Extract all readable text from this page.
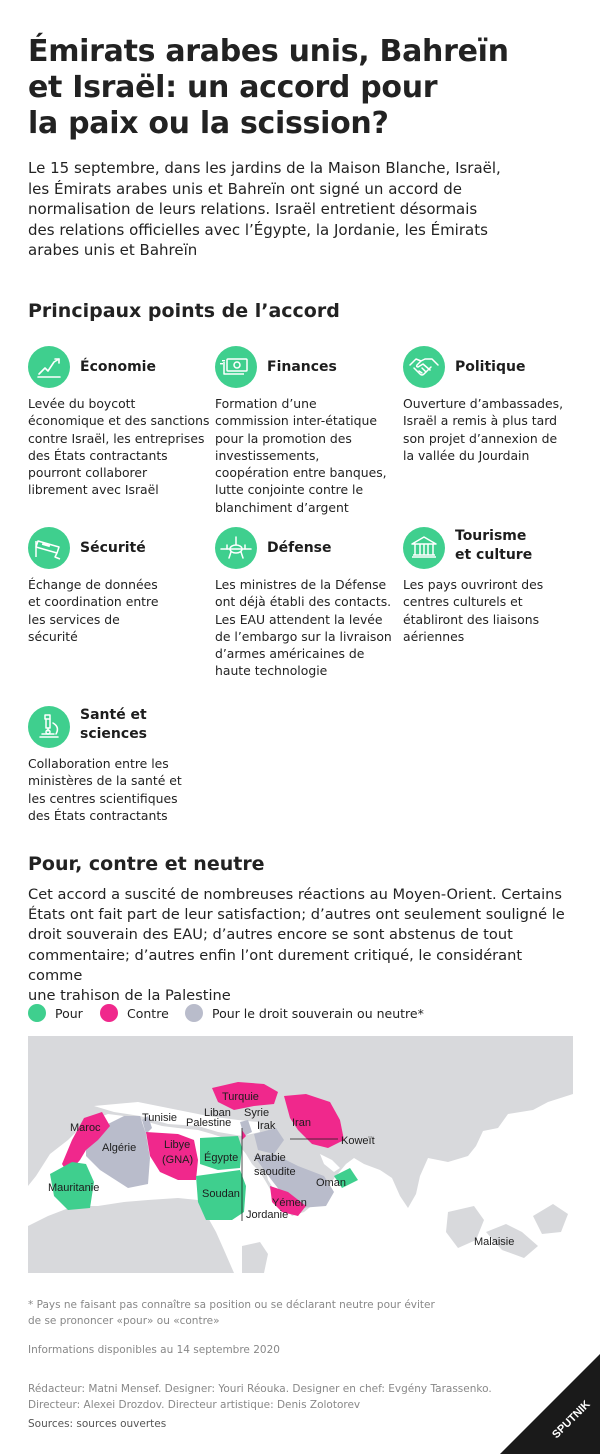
Émirats arabes unis, Bahreïn
et Israël: un accord pour
la paix ou la scission?
Le 15 septembre, dans les jardins de la Maison Blanche, Israël,
les Émirats arabes unis et Bahreïn ont signé un accord de
normalisation de leurs relations. Israël entretient désormais
des relations officielles avec l’Égypte, la Jordanie, les Émirats
arabes unis et Bahreïn
Principaux points de l’accord
Économie
Levée du boycott
économique et des sanctions
contre Israël, les entreprises
des États contractants
pourront collaborer
librement avec Israël
Finances
Formation d’une
commission inter-étatique
pour la promotion des
investissements,
coopération entre banques,
lutte conjointe contre le
blanchiment d’argent
Politique
Ouverture d’ambassades,
Israël a remis à plus tard
son projet d’annexion de
la vallée du Jourdain
Sécurité
Échange de données
et coordination entre
les services de
sécurité
Défense
Les ministres de la Défense
ont déjà établi des contacts.
Les EAU attendent la levée
de l’embargo sur la livraison
d’armes américaines de
haute technologie
Tourisme
et culture
Les pays ouvriront des
centres culturels et
établiront des liaisons
aériennes
Santé et
sciences
Collaboration entre les
ministères de la santé et
les centres scientifiques
des États contractants
Pour, contre et neutre
Cet accord a suscité de nombreuses réactions au Moyen-Orient. Certains
États ont fait part de leur satisfaction; d’autres ont seulement souligné le
droit souverain des EAU; d’autres encore se sont abstenus de tout
commentaire; d’autres enfin l’ont durement critiqué, le considérant comme
une trahison de la Palestine
Pour	Contre	Pour le droit souverain ou neutre*
Maroc
Algérie
Tunisie
Mauritanie
Libye
(GNA) Égypte
Soudan
Turquie
Liban Syrie
Palestine Irak Iran
Koweït
Arabie
saoudite
Oman
Yémen
Jordanie
Malaisie
* Pays ne faisant pas connaître sa position ou se déclarant neutre pour éviter
de se prononcer «pour» ou «contre»
Informations disponibles au 14 septembre 2020
Rédacteur: Matni Mensef. Designer: Youri Réouka. Designer en chef: Evgény Tarassenko.
Directeur: Alexei Drozdov. Directeur artistique: Denis Zolotorev
Sources: sources ouvertes	SPUTNIK
